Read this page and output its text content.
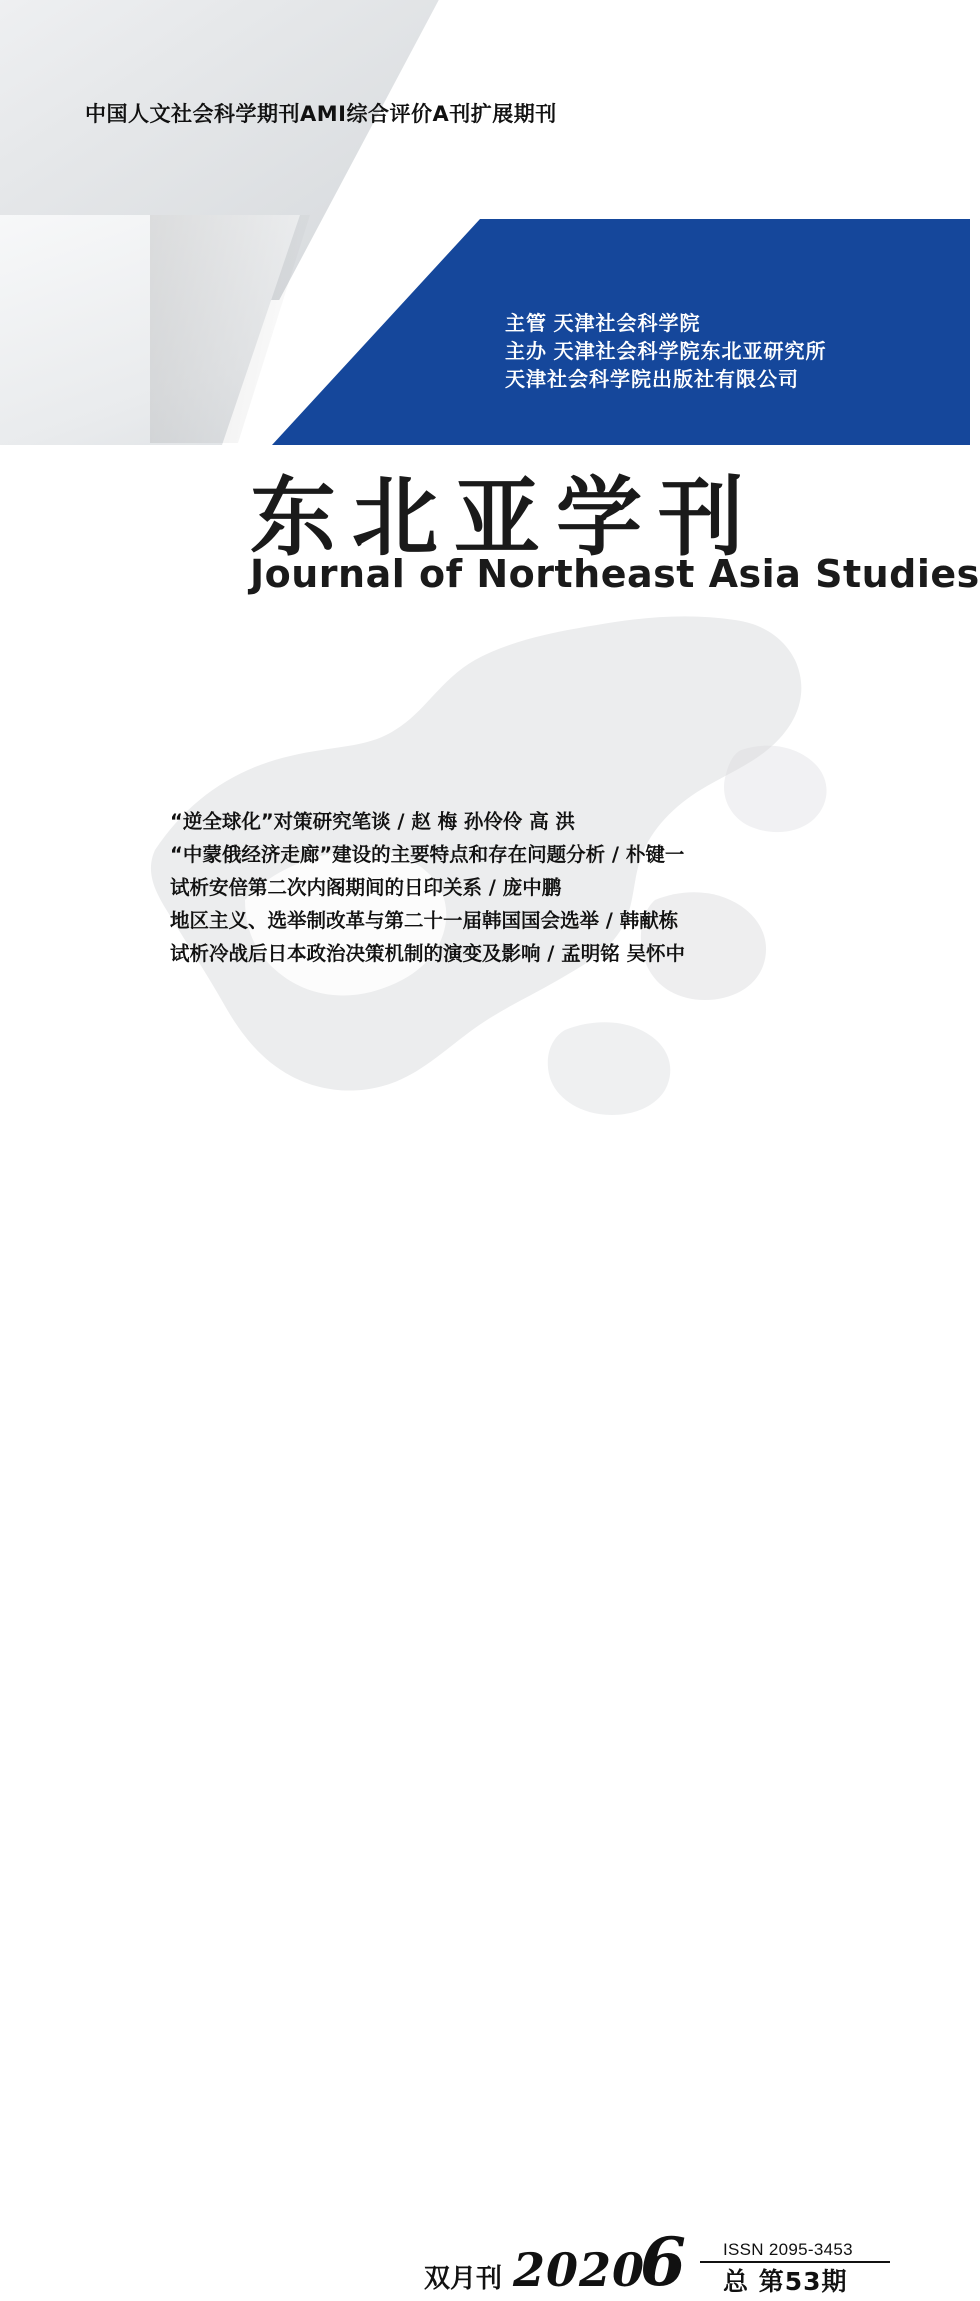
中国人文社会科学期刊AMI综合评价A刊扩展期刊
主管 天津社会科学院
主办 天津社会科学院东北亚研究所
天津社会科学院出版社有限公司
东北亚学刊
Journal of Northeast Asia Studies
“逆全球化”对策研究笔谈 / 赵 梅 孙伶伶 高 洪
“中蒙俄经济走廊”建设的主要特点和存在问题分析 / 朴键一
试析安倍第二次内阁期间的日印关系 / 庞中鹏
地区主义、选举制改革与第二十一届韩国国会选举 / 韩献栋
试析冷战后日本政治决策机制的演变及影响 / 孟明铭 吴怀中
双月刊 2020
6 ISSN 2095-3453
总 第53期
